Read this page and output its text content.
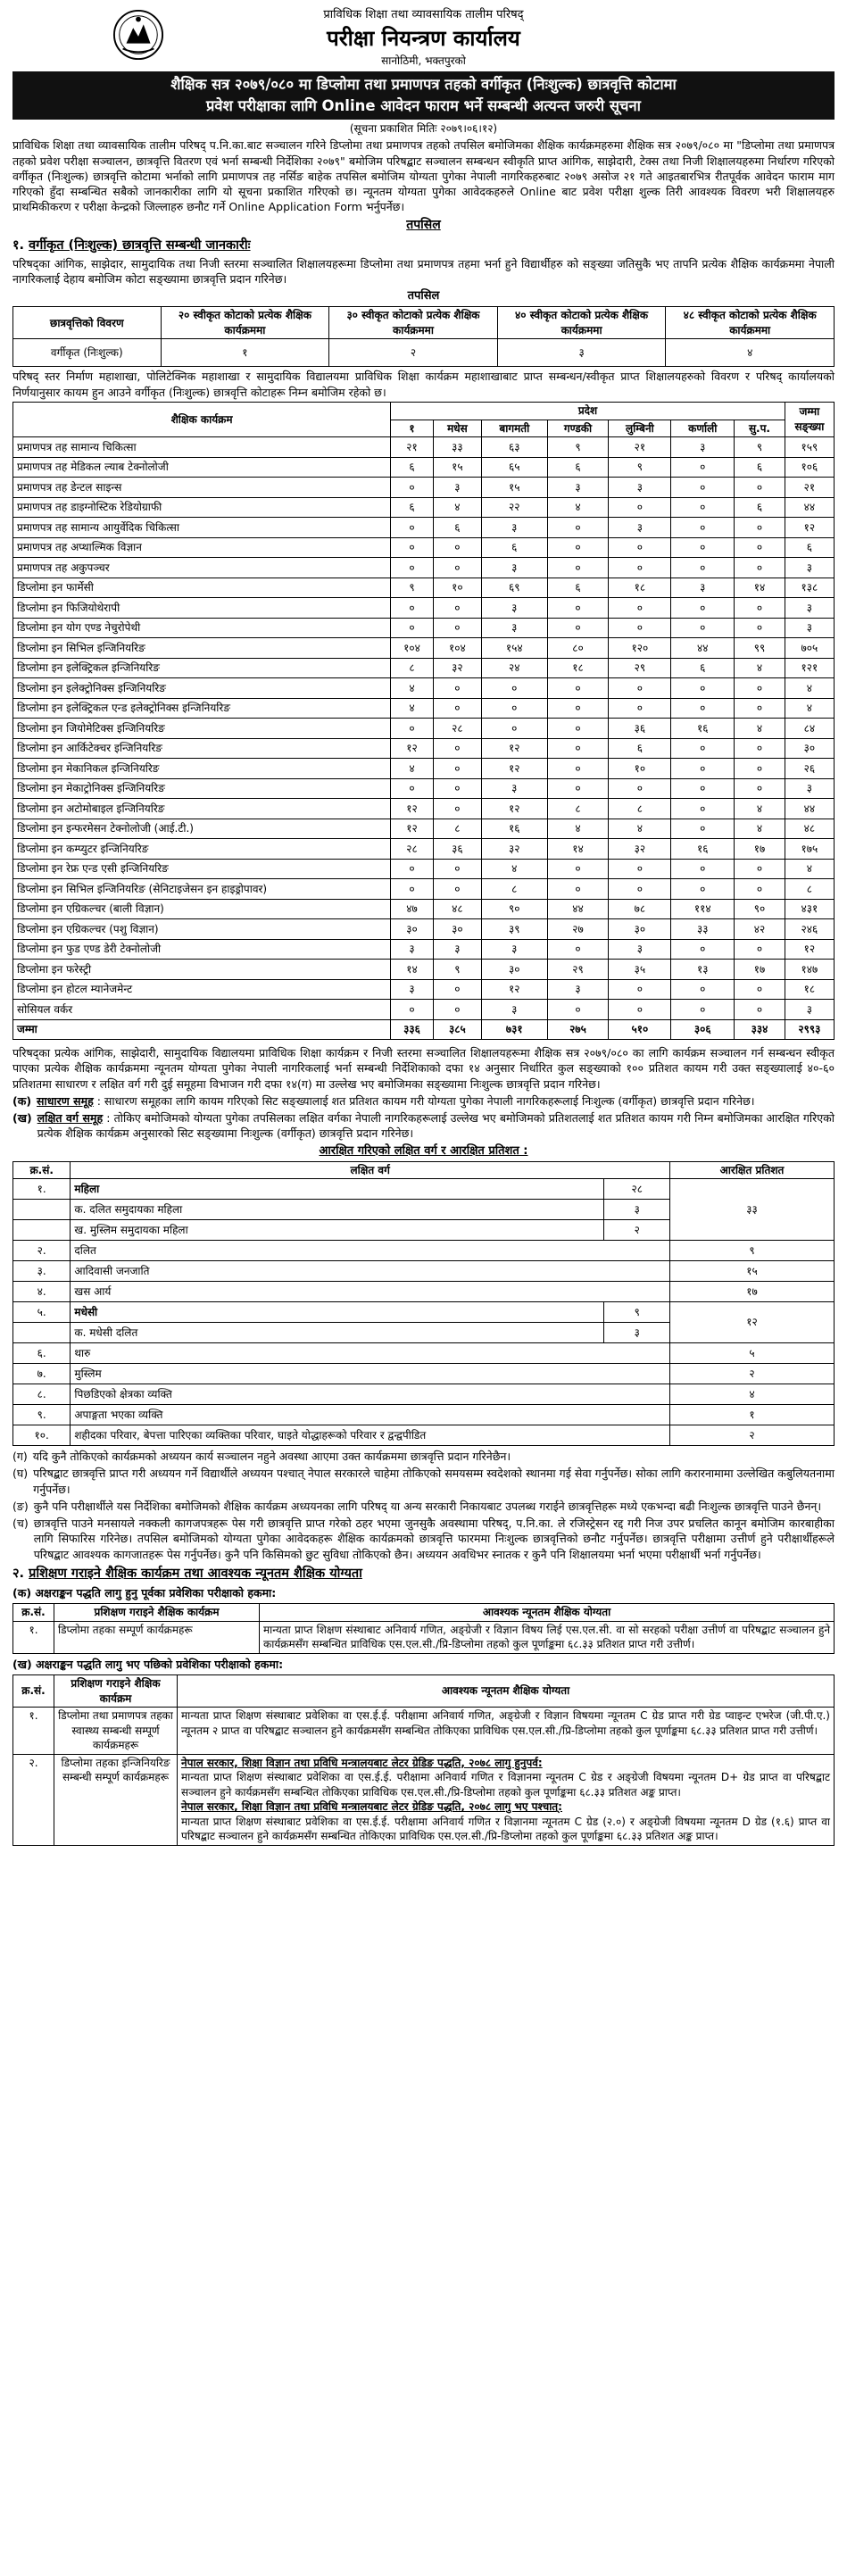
प्राविधिक शिक्षा तथा व्यावसायिक तालीम परिषद्
परीक्षा नियन्त्रण कार्यालय
सानोठिमी, भक्तपुरको
शैक्षिक सत्र २०७९/०८० मा डिप्लोमा तथा प्रमाणपत्र तहको वर्गीकृत (निःशुल्क) छात्रवृत्ति कोटामा
प्रवेश परीक्षाका लागि Online आवेदन फाराम भर्ने सम्बन्धी अत्यन्त जरुरी सूचना
(सूचना प्रकाशित मितिः २०७९।०६।१२)
प्राविधिक शिक्षा तथा व्यावसायिक तालीम परिषद् प.नि.का.बाट सञ्चालन गरिने डिप्लोमा तथा प्रमाणपत्र तहको तपसिल बमोजिमका शैक्षिक कार्यक्रमहरुमा शैक्षिक सत्र २०७९/०८० मा "डिप्लोमा तथा प्रमाणपत्र तहको प्रवेश परीक्षा सञ्चालन, छात्रवृत्ति वितरण एवं भर्ना सम्बन्धी निर्देशिका २०७९" बमोजिम परिषद्बाट सञ्चालन सम्बन्धन स्वीकृति प्राप्त आंगिक, साझेदारी, टेक्स तथा निजी शिक्षालयहरुमा निर्धारण गरिएको वर्गीकृत (निःशुल्क) छात्रवृत्ति कोटामा भर्नाको लागि प्रमाणपत्र तह नर्सिङ बाहेक तपसिल बमोजिम योग्यता पुगेका नेपाली नागरिकहरुबाट २०७९ असोज २१ गते आइतबारभित्र रीतपूर्वक आवेदन फाराम माग गरिएको हुँदा सम्बन्धित सबैको जानकारीका लागि यो सूचना प्रकाशित गरिएको छ। न्यूनतम योग्यता पुगेका आवेदकहरुले Online बाट प्रवेश परीक्षा शुल्क तिरी आवश्यक विवरण भरी शिक्षालयहरु प्राथमिकीकरण र परीक्षा केन्द्रको जिल्लाहरु छनौट गर्ने Online Application Form भर्नुपर्नेछ।
तपसिल
१. वर्गीकृत (निःशुल्क) छात्रवृत्ति सम्बन्धी जानकारीः
परिषद्का आंगिक, साझेदार, सामुदायिक तथा निजी स्तरमा सञ्चालित शिक्षालयहरूमा डिप्लोमा तथा प्रमाणपत्र तहमा भर्ना हुने विद्यार्थीहरु को सङ्ख्या जतिसुकै भए तापनि प्रत्येक शैक्षिक कार्यक्रममा नेपाली नागरिकलाई देहाय बमोजिम कोटा सङ्ख्यामा छात्रवृत्ति प्रदान गरिनेछ।
तपसिल
छात्रवृत्तिको विवरण	२० स्वीकृत कोटाको प्रत्येक शैक्षिक कार्यक्रममा	३० स्वीकृत कोटाको प्रत्येक शैक्षिक कार्यक्रममा	४० स्वीकृत कोटाको प्रत्येक शैक्षिक कार्यक्रममा	४८ स्वीकृत कोटाको प्रत्येक शैक्षिक कार्यक्रममा
वर्गीकृत (निःशुल्क)	१	२	३	४
परिषद् स्तर निर्माण महाशाखा, पोलिटेक्निक महाशाखा र सामुदायिक विद्यालयमा प्राविधिक शिक्षा कार्यक्रम महाशाखाबाट प्राप्त सम्बन्धन/स्वीकृत प्राप्त शिक्षालयहरुको विवरण र परिषद् कार्यालयको निर्णयानुसार कायम हुन आउने वर्गीकृत (निःशुल्क) छात्रवृत्ति कोटाहरू निम्न बमोजिम रहेको छ।
शैक्षिक कार्यक्रम	प्रदेश							जम्मा सङ्ख्या
	१	मधेस	बागमती	गण्डकी	लुम्बिनी	कर्णाली	सु.प.	
प्रमाणपत्र तह सामान्य चिकित्सा	२१	३३	६३	९	२१	३	९	१५९
प्रमाणपत्र तह मेडिकल ल्याब टेक्नोलोजी	६	१५	६५	६	९	०	६	१०६
प्रमाणपत्र तह डेन्टल साइन्स	०	३	१५	३	३	०	०	२१
प्रमाणपत्र तह डाइग्नोस्टिक रेडियोग्राफी	६	४	२२	४	०	०	६	४४
प्रमाणपत्र तह सामान्य आयुर्वेदिक चिकित्सा	०	६	३	०	३	०	०	१२
प्रमाणपत्र तह अप्थाल्मिक विज्ञान	०	०	६	०	०	०	०	६
प्रमाणपत्र तह अकुपञ्चर	०	०	३	०	०	०	०	३
डिप्लोमा इन फार्मेसी	९	१०	६९	६	१८	३	१४	१३८
डिप्लोमा इन फिजियोथेरापी	०	०	३	०	०	०	०	३
डिप्लोमा इन योग एण्ड नेचुरोपेथी	०	०	३	०	०	०	०	३
डिप्लोमा इन सिभिल इन्जिनियरिङ	१०४	१०४	१५४	८०	१२०	४४	९९	७०५
डिप्लोमा इन इलेक्ट्रिकल इन्जिनियरिङ	८	३२	२४	१८	२९	६	४	१२१
डिप्लोमा इन इलेक्ट्रोनिक्स इन्जिनियरिङ	४	०	०	०	०	०	०	४
डिप्लोमा इन इलेक्ट्रिकल एन्ड इलेक्ट्रोनिक्स इन्जिनियरिङ	४	०	०	०	०	०	०	४
डिप्लोमा इन जियोमेटिक्स इन्जिनियरिङ	०	२८	०	०	३६	१६	४	८४
डिप्लोमा इन आर्किटेक्चर इन्जिनियरिङ	१२	०	१२	०	६	०	०	३०
डिप्लोमा इन मेकानिकल इन्जिनियरिङ	४	०	१२	०	१०	०	०	२६
डिप्लोमा इन मेकाट्रोनिक्स इन्जिनियरिङ	०	०	३	०	०	०	०	३
डिप्लोमा इन अटोमोबाइल इन्जिनियरिङ	१२	०	१२	८	८	०	४	४४
डिप्लोमा इन इन्फरमेसन टेक्नोलोजी (आई.टी.)	१२	८	१६	४	४	०	४	४८
डिप्लोमा इन कम्प्युटर इन्जिनियरिङ	२८	३६	३२	१४	३२	१६	१७	१७५
डिप्लोमा इन रेफ्र एन्ड एसी इन्जिनियरिङ	०	०	४	०	०	०	०	४
डिप्लोमा इन सिभिल इन्जिनियरिङ (सेनिटाइजेसन इन हाइड्रोपावर)	०	०	८	०	०	०	०	८
डिप्लोमा इन एग्रिकल्चर (बाली विज्ञान)	४७	४८	९०	४४	७८	११४	९०	४३१
डिप्लोमा इन एग्रिकल्चर (पशु विज्ञान)	३०	३०	३९	२७	३०	३३	४२	२४६
डिप्लोमा इन फुड एण्ड डेरी टेक्नोलोजी	३	३	३	०	३	०	०	१२
डिप्लोमा इन फरेस्ट्री	१४	९	३०	२९	३५	१३	१७	१४७
डिप्लोमा इन होटल म्यानेजमेन्ट	३	०	१२	३	०	०	०	१८
सोसियल वर्कर	०	०	३	०	०	०	०	३
जम्मा	३३६	३८५	७३१	२७५	५१०	३०६	३३४	२९९३
परिषद्का प्रत्येक आंगिक, साझेदारी, सामुदायिक विद्यालयमा प्राविधिक शिक्षा कार्यक्रम र निजी स्तरमा सञ्चालित शिक्षालयहरूमा शैक्षिक सत्र २०७९/०८० का लागि कार्यक्रम सञ्चालन गर्न सम्बन्धन स्वीकृत पाएका प्रत्येक शैक्षिक कार्यक्रममा न्यूनतम योग्यता पुगेका नेपाली नागरिकलाई भर्ना सम्बन्धी निर्देशिकाको दफा १४ अनुसार निर्धारित कुल सङ्ख्याको १०० प्रतिशत कायम गरी उक्त सङ्ख्यालाई ४०-६० प्रतिशतमा साधारण र लक्षित वर्ग गरी दुई समूहमा विभाजन गरी दफा १४(ग) मा उल्लेख भए बमोजिमका सङ्ख्यामा निःशुल्क छात्रवृत्ति प्रदान गरिनेछ।
(क) साधारण समूह : साधारण समूहका लागि कायम गरिएको सिट सङ्ख्यालाई शत प्रतिशत कायम गरी योग्यता पुगेका नेपाली नागरिकहरूलाई निःशुल्क (वर्गीकृत) छात्रवृत्ति प्रदान गरिनेछ।
(ख) लक्षित वर्ग समूह : तोकिए बमोजिमको योग्यता पुगेका तपसिलका लक्षित वर्गका नेपाली नागरिकहरूलाई उल्लेख भए बमोजिमको प्रतिशतलाई शत प्रतिशत कायम गरी निम्न बमोजिमका आरक्षित गरिएको प्रत्येक शैक्षिक कार्यक्रम अनुसारको सिट सङ्ख्यामा निःशुल्क (वर्गीकृत) छात्रवृत्ति प्रदान गरिनेछ।
आरक्षित गरिएको लक्षित वर्ग र आरक्षित प्रतिशत :
क्र.सं.	लक्षित वर्ग		आरक्षित प्रतिशत
१.	महिला	२८	३३
	क. दलित समुदायका महिला	३	
	ख. मुस्लिम समुदायका महिला	२	
२.	दलित		९
३.	आदिवासी जनजाति		१५
४.	खस आर्य		१७
५.	मधेसी	९	१२
	क. मधेसी दलित	३	
६.	थारु		५
७.	मुस्लिम		२
८.	पिछडिएको क्षेत्रका व्यक्ति		४
९.	अपाङ्गता भएका व्यक्ति		१
१०.	शहीदका परिवार, बेपत्ता पारिएका व्यक्तिका परिवार, घाइते योद्धाहरूको परिवार र द्वन्द्वपीडित		२
(ग) यदि कुनै तोकिएको कार्यक्रमको अध्ययन कार्य सञ्चालन नहुने अवस्था आएमा उक्त कार्यक्रममा छात्रवृत्ति प्रदान गरिनेछैन।
(घ) परिषद्बाट छात्रवृत्ति प्राप्त गरी अध्ययन गर्ने विद्यार्थीले अध्ययन पश्चात् नेपाल सरकारले चाहेमा तोकिएको समयसम्म स्वदेशको स्थानमा गई सेवा गर्नुपर्नेछ। सोका लागि करारनामामा उल्लेखित कबुलियतनामा गर्नुपर्नेछ।
(ङ) कुनै पनि परीक्षार्थीले यस निर्देशिका बमोजिमको शैक्षिक कार्यक्रम अध्ययनका लागि परिषद् या अन्य सरकारी निकायबाट उपलब्ध गराईने छात्रवृत्तिहरू मध्ये एकभन्दा बढी निःशुल्क छात्रवृत्ति पाउने छैनन्।
(च) छात्रवृत्ति पाउने मनसायले नक्कली कागजपत्रहरू पेस गरी छात्रवृत्ति प्राप्त गरेको ठहर भएमा जुनसुकै अवस्थामा परिषद्, प.नि.का. ले रजिस्ट्रेसन रद्द गरी निज उपर प्रचलित कानून बमोजिम कारबाहीका लागि सिफारिस गरिनेछ। तपसिल बमोजिमको योग्यता पुगेका आवेदकहरू शैक्षिक कार्यक्रमको छात्रवृत्ति फारममा निःशुल्क छात्रवृत्तिको छनौट गर्नुपर्नेछ। छात्रवृत्ति परीक्षामा उत्तीर्ण हुने परीक्षार्थीहरूले परिषद्बाट आवश्यक कागजातहरू पेस गर्नुपर्नेछ। कुनै पनि किसिमको छुट सुविधा तोकिएको छैन। अध्ययन अवधिभर स्नातक र कुनै पनि शिक्षालयमा भर्ना भएमा परीक्षार्थी भर्ना गर्नुपर्नेछ।
२. प्रशिक्षण गराइने शैक्षिक कार्यक्रम तथा आवश्यक न्यूनतम शैक्षिक योग्यता
(क) अक्षराङ्कन पद्धति लागु हुनु पूर्वका प्रवेशिका परीक्षाको हकमा:
क्र.सं.	प्रशिक्षण गराइने शैक्षिक कार्यक्रम	आवश्यक न्यूनतम शैक्षिक योग्यता
१.	डिप्लोमा तहका सम्पूर्ण कार्यक्रमहरू	मान्यता प्राप्त शिक्षण संस्थाबाट अनिवार्य गणित, अङ्ग्रेजी र विज्ञान विषय लिई एस.एल.सी. वा सो सरहको परीक्षा उत्तीर्ण वा परिषद्बाट सञ्चालन हुने कार्यक्रमसँग सम्बन्धित प्राविधिक एस.एल.सी./प्रि-डिप्लोमा तहको कुल पूर्णाङ्कमा ६८.३३ प्रतिशत प्राप्त गरी उत्तीर्ण।
(ख) अक्षराङ्कन पद्धति लागु भए पछिको प्रवेशिका परीक्षाको हकमा:
क्र.सं.	प्रशिक्षण गराइने शैक्षिक कार्यक्रम	आवश्यक न्यूनतम शैक्षिक योग्यता
१.	डिप्लोमा तथा प्रमाणपत्र तहका स्वास्थ्य सम्बन्धी सम्पूर्ण कार्यक्रमहरू	मान्यता प्राप्त शिक्षण संस्थाबाट प्रवेशिका वा एस.ई.ई. परीक्षामा अनिवार्य गणित, अङ्ग्रेजी र विज्ञान विषयमा न्यूनतम C ग्रेड प्राप्त गरी ग्रेड प्वाइन्ट एभरेज (जी.पी.ए.) न्यूनतम २ प्राप्त वा परिषद्बाट सञ्चालन हुने कार्यक्रमसँग सम्बन्धित तोकिएका प्राविधिक एस.एल.सी./प्रि-डिप्लोमा तहको कुल पूर्णाङ्कमा ६८.३३ प्रतिशत प्राप्त गरी उत्तीर्ण।
२.	डिप्लोमा तहका इन्जिनियरिङ सम्बन्धी सम्पूर्ण कार्यक्रमहरू	नेपाल सरकार, शिक्षा विज्ञान तथा प्रविधि मन्त्रालयबाट लेटर ग्रेडिङ पद्धति, २०७८ लागु हुनुपर्व:
मान्यता प्राप्त शिक्षण संस्थाबाट प्रवेशिका वा एस.ई.ई. परीक्षामा अनिवार्य गणित र विज्ञानमा न्यूनतम C ग्रेड र अङ्ग्रेजी विषयमा न्यूनतम D+ ग्रेड प्राप्त वा परिषद्बाट सञ्चालन हुने कार्यक्रमसँग सम्बन्धित तोकिएका प्राविधिक एस.एल.सी./प्रि-डिप्लोमा तहको कुल पूर्णाङ्कमा ६८.३३ प्रतिशत अङ्क प्राप्त।
नेपाल सरकार, शिक्षा विज्ञान तथा प्रविधि मन्त्रालयबाट लेटर ग्रेडिङ पद्धति, २०७८ लागु भए पश्चात्:
मान्यता प्राप्त शिक्षण संस्थाबाट प्रवेशिका वा एस.ई.ई. परीक्षामा अनिवार्य गणित र विज्ञानमा न्यूनतम C ग्रेड (२.०) र अङ्ग्रेजी विषयमा न्यूनतम D ग्रेड (१.६) प्राप्त वा परिषद्बाट सञ्चालन हुने कार्यक्रमसँग सम्बन्धित तोकिएका प्राविधिक एस.एल.सी./प्रि-डिप्लोमा तहको कुल पूर्णाङ्कमा ६८.३३ प्रतिशत अङ्क प्राप्त।
